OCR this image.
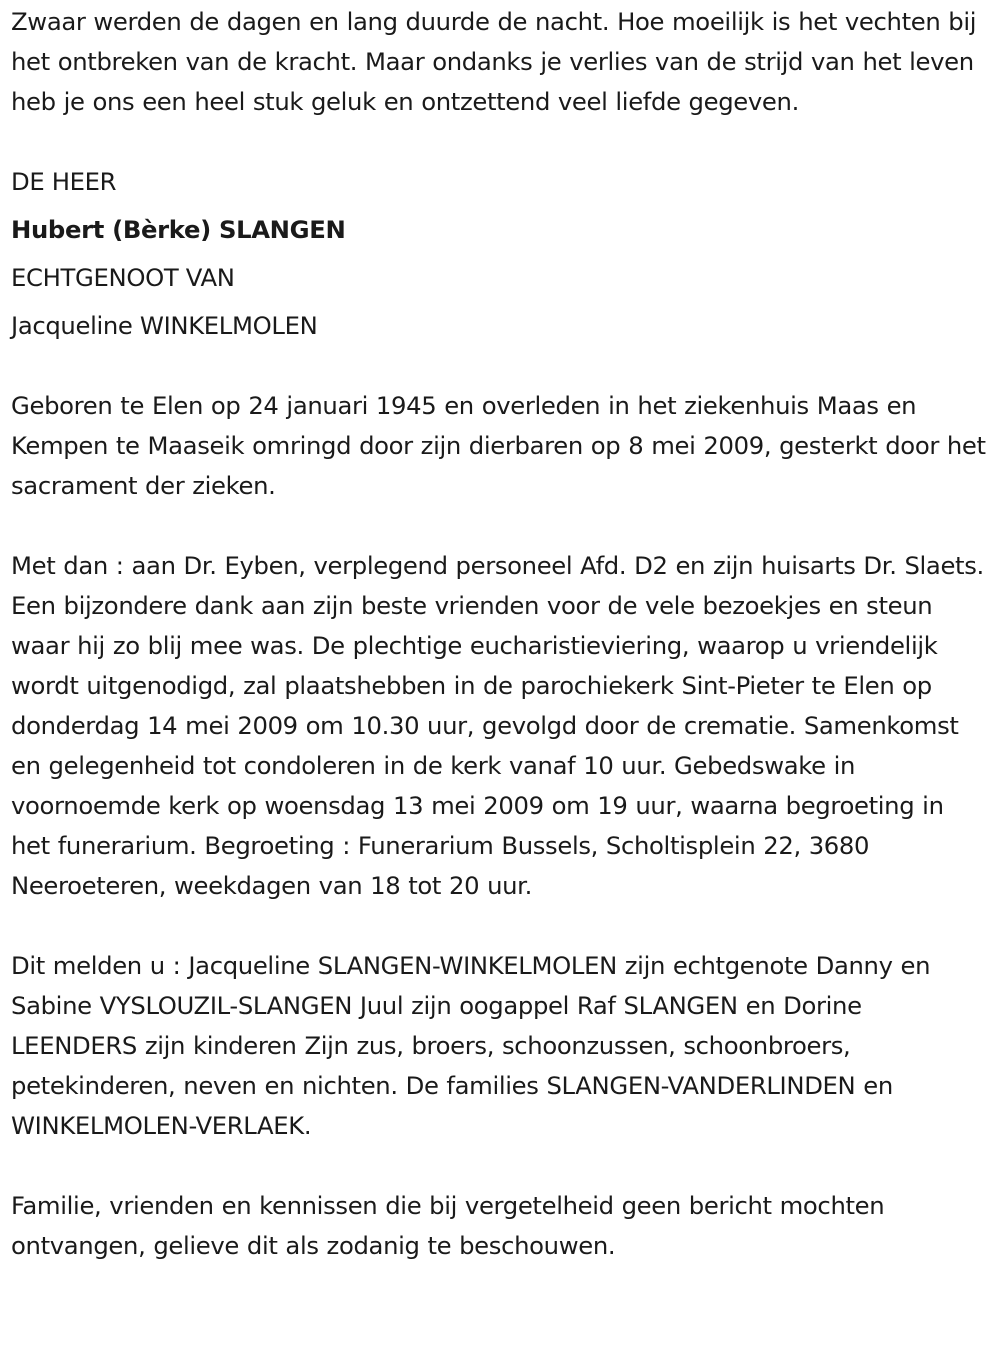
Zwaar werden de dagen en lang duurde de nacht. Hoe moeilijk is het vechten bij het ontbreken van de kracht. Maar ondanks je verlies van de strijd van het leven heb je ons een heel stuk geluk en ontzettend veel liefde gegeven.

DE HEER

Hubert (Bèrke) SLANGEN

ECHTGENOOT VAN

Jacqueline WINKELMOLEN

Geboren te Elen op 24 januari 1945 en overleden in het ziekenhuis Maas en Kempen te Maaseik omringd door zijn dierbaren op 8 mei 2009, gesterkt door het sacrament der zieken.

Met dan : aan Dr. Eyben, verplegend personeel Afd. D2 en zijn huisarts Dr. Slaets. Een bijzondere dank aan zijn beste vrienden voor de vele bezoekjes en steun waar hij zo blij mee was. De plechtige eucharistieviering, waarop u vriendelijk wordt uitgenodigd, zal plaatshebben in de parochiekerk Sint-Pieter te Elen op donderdag 14 mei 2009 om 10.30 uur, gevolgd door de crematie. Samenkomst en gelegenheid tot condoleren in de kerk vanaf 10 uur. Gebedswake in voornoemde kerk op woensdag 13 mei 2009 om 19 uur, waarna begroeting in het funerarium. Begroeting : Funerarium Bussels, Scholtisplein 22, 3680 Neeroeteren, weekdagen van 18 tot 20 uur.

Dit melden u : Jacqueline SLANGEN-WINKELMOLEN zijn echtgenote Danny en Sabine VYSLOUZIL-SLANGEN Juul zijn oogappel Raf SLANGEN en Dorine LEENDERS zijn kinderen Zijn zus, broers, schoonzussen, schoonbroers, petekinderen, neven en nichten. De families SLANGEN-VANDERLINDEN en WINKELMOLEN-VERLAEK.

Familie, vrienden en kennissen die bij vergetelheid geen bericht mochten ontvangen, gelieve dit als zodanig te beschouwen.
